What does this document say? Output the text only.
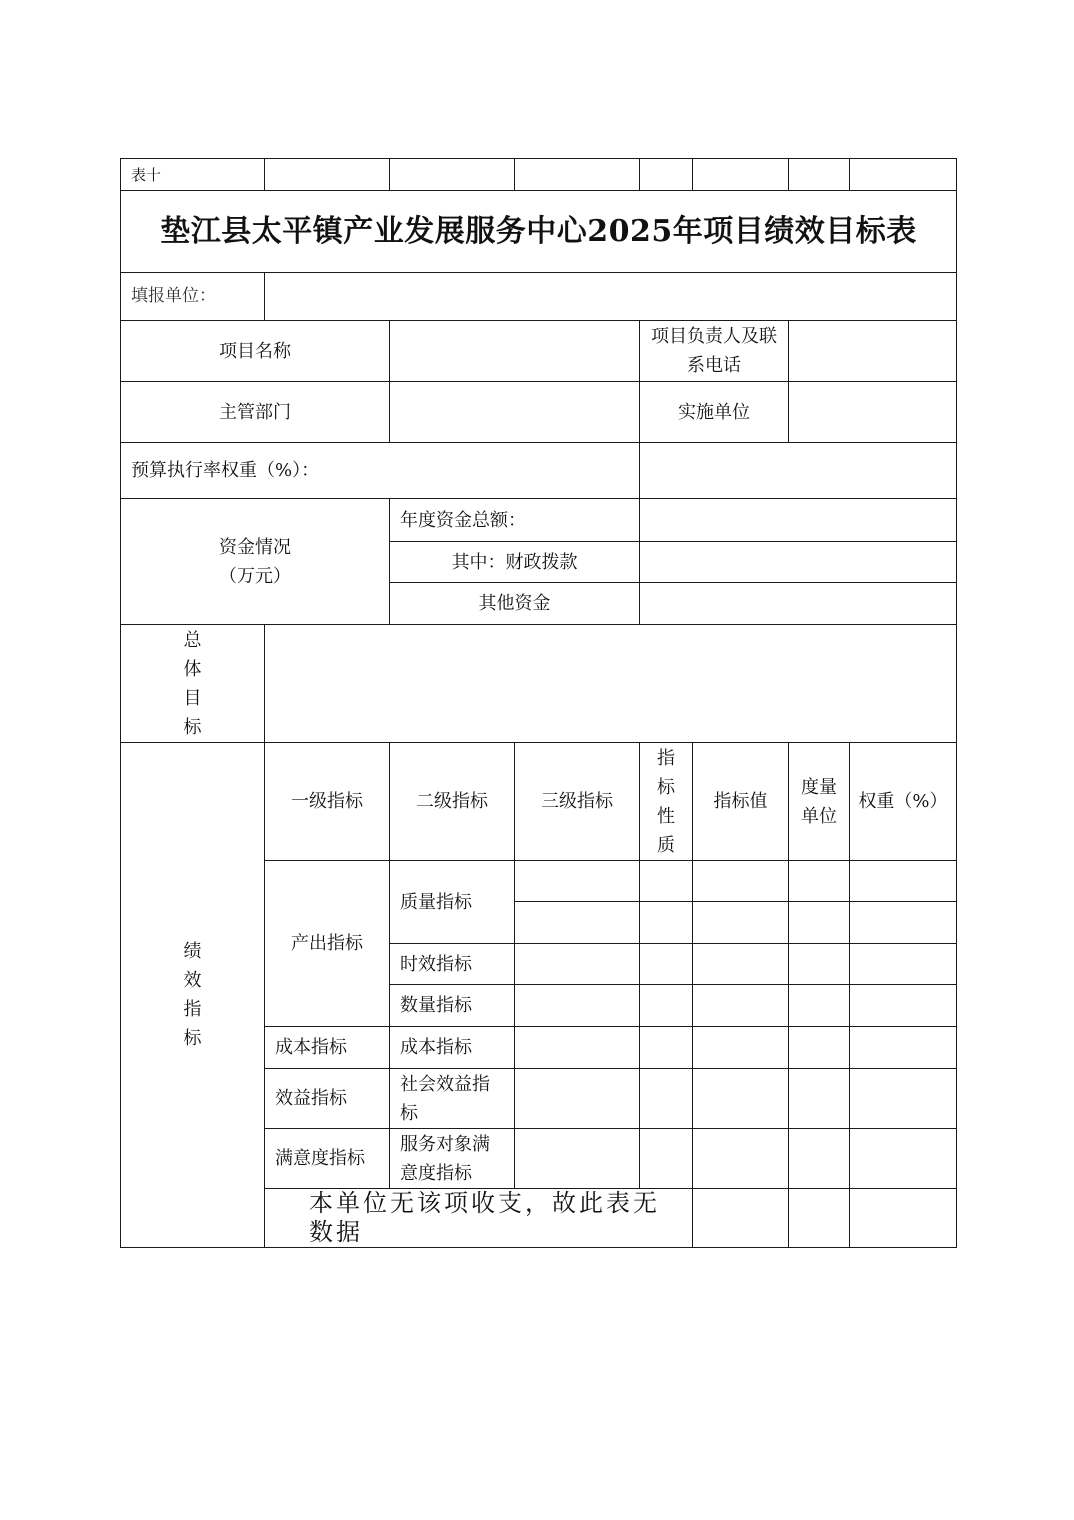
表十								
垫江县太平镇产业发展服务中心2025年项目绩效目标表								
填报单位：								
项目名称				项目负责人及联系电话				
主管部门				实施单位				
预算执行率权重（%）：								
资金情况
（万元）		年度资金总额：						
		其中：财政拨款						
		其他资金						

总
体
目
标								

绩
效
指
标	一级指标	二级指标	三级指标	指
标
性
质	指标值	度量
单位	权重（%）	
	产出指标	质量指标						

		时效指标						
		数量指标						
	成本指标	成本指标						
	效益指标	社会效益指
标						
	满意度指标	服务对象满
意度指标						
	本单位无该项收支，故此表无数据							
